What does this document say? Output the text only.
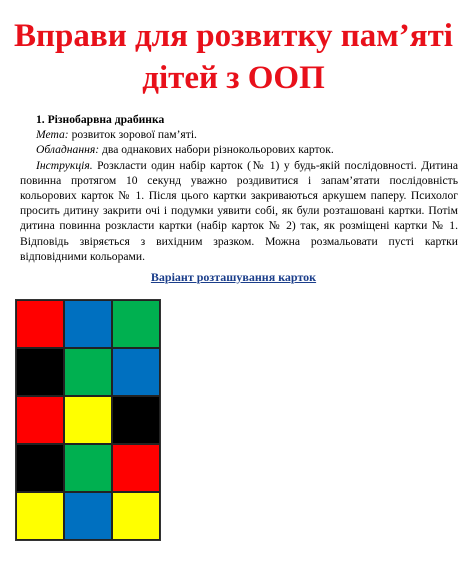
Вправи для розвитку пам’яті
дітей з ООП

1. Різнобарвна драбинка

Мета: розвиток зорової пам’яті.

Обладнання: два однакових набори різнокольорових карток.

Інструкція. Розкласти один набір карток (№ 1) у будь-якій послідовності. Дитина повинна протягом 10 секунд уважно роздивитися і запам’ятати послідовність кольорових карток № 1. Після цього картки закриваються аркушем паперу. Психолог просить дитину закрити очі і подумки уявити собі, як були розташовані картки. Потім дитина повинна розкласти картки (набір карток № 2) так, як розміщені картки № 1. Відповідь звіряється з вихідним зразком. Можна розмальовати пусті картки відповідними кольорами.

Варіант розташування карток
